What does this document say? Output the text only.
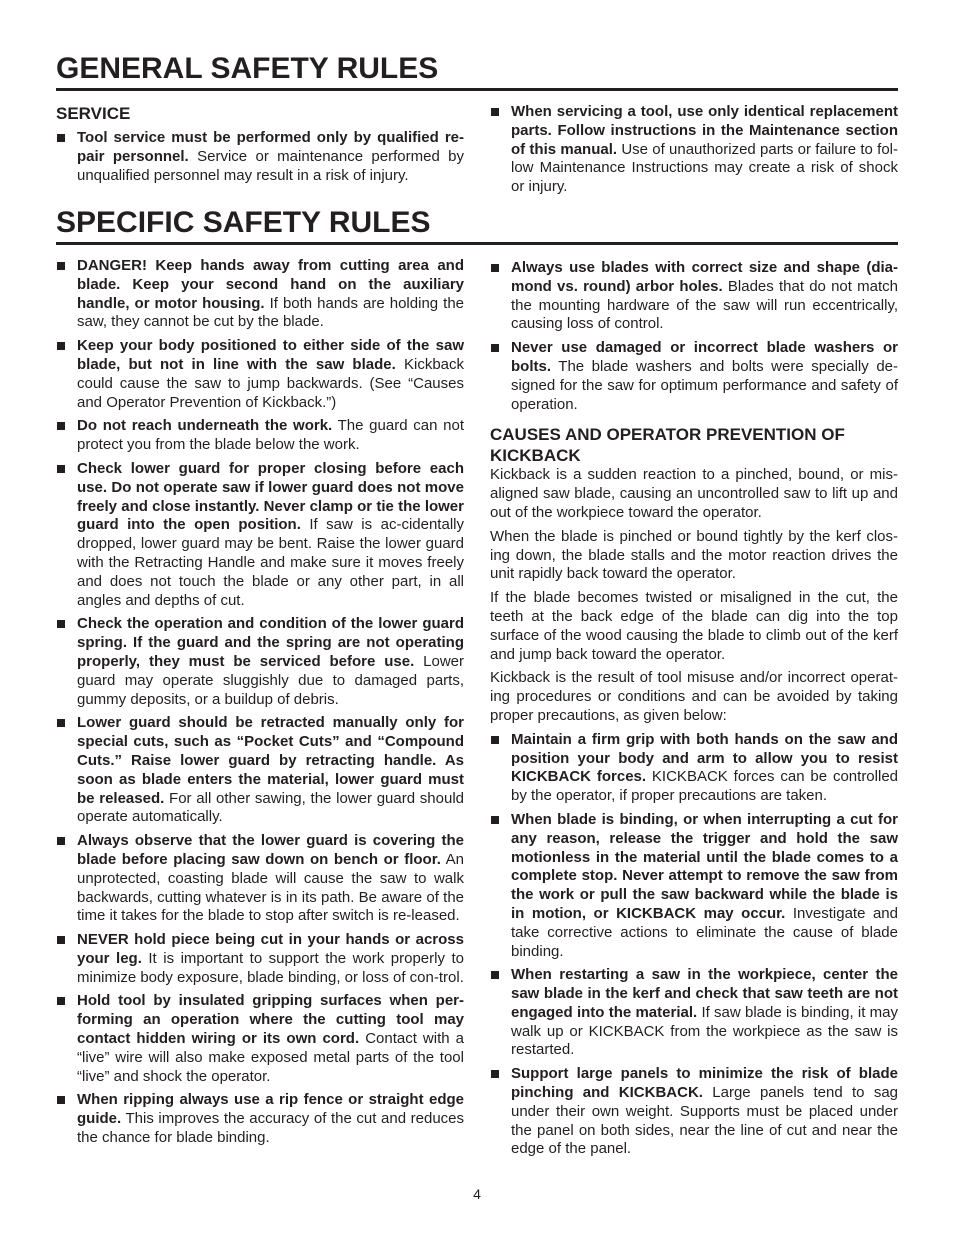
GENERAL SAFETY RULES
SERVICE
Tool service must be performed only by qualified re-pair personnel. Service or maintenance performed by unqualified personnel may result in a risk of injury.
When servicing a tool, use only identical replacement parts. Follow instructions in the Maintenance section of this manual. Use of unauthorized parts or failure to fol-low Maintenance Instructions may create a risk of shock or injury.
SPECIFIC SAFETY RULES
DANGER! Keep hands away from cutting area and blade. Keep your second hand on the auxiliary handle, or motor housing. If both hands are holding the saw, they cannot be cut by the blade.
Keep your body positioned to either side of the saw blade, but not in line with the saw blade. Kickback could cause the saw to jump backwards. (See “Causes and Operator Prevention of Kickback.”)
Do not reach underneath the work. The guard can not protect you from the blade below the work.
Check lower guard for proper closing before each use. Do not operate saw if lower guard does not move freely and close instantly. Never clamp or tie the lower guard into the open position. If saw is ac-cidentally dropped, lower guard may be bent. Raise the lower guard with the Retracting Handle and make sure it moves freely and does not touch the blade or any other part, in all angles and depths of cut.
Check the operation and condition of the lower guard spring. If the guard and the spring are not operating properly, they must be serviced before use. Lower guard may operate sluggishly due to damaged parts, gummy deposits, or a buildup of debris.
Lower guard should be retracted manually only for special cuts, such as “Pocket Cuts” and “Compound Cuts.” Raise lower guard by retracting handle. As soon as blade enters the material, lower guard must be released. For all other sawing, the lower guard should operate automatically.
Always observe that the lower guard is covering the blade before placing saw down on bench or floor. An unprotected, coasting blade will cause the saw to walk backwards, cutting whatever is in its path. Be aware of the time it takes for the blade to stop after switch is re-leased.
NEVER hold piece being cut in your hands or across your leg. It is important to support the work properly to minimize body exposure, blade binding, or loss of con-trol.
Hold tool by insulated gripping surfaces when per-forming an operation where the cutting tool may contact hidden wiring or its own cord. Contact with a “live” wire will also make exposed metal parts of the tool “live” and shock the operator.
When ripping always use a rip fence or straight edge guide. This improves the accuracy of the cut and reduces the chance for blade binding.
Always use blades with correct size and shape (dia-mond vs. round) arbor holes. Blades that do not match the mounting hardware of the saw will run eccentrically, causing loss of control.
Never use damaged or incorrect blade washers or bolts. The blade washers and bolts were specially de-signed for the saw for optimum performance and safety of operation.
CAUSES AND OPERATOR PREVENTION OF KICKBACK
Kickback is a sudden reaction to a pinched, bound, or mis-aligned saw blade, causing an uncontrolled saw to lift up and out of the workpiece toward the operator.
When the blade is pinched or bound tightly by the kerf clos-ing down, the blade stalls and the motor reaction drives the unit rapidly back toward the operator.
If the blade becomes twisted or misaligned in the cut, the teeth at the back edge of the blade can dig into the top surface of the wood causing the blade to climb out of the kerf and jump back toward the operator.
Kickback is the result of tool misuse and/or incorrect operat-ing procedures or conditions and can be avoided by taking proper precautions, as given below:
Maintain a firm grip with both hands on the saw and position your body and arm to allow you to resist KICKBACK forces. KICKBACK forces can be controlled by the operator, if proper precautions are taken.
When blade is binding, or when interrupting a cut for any reason, release the trigger and hold the saw motionless in the material until the blade comes to a complete stop. Never attempt to remove the saw from the work or pull the saw backward while the blade is in motion, or KICKBACK may occur. Investigate and take corrective actions to eliminate the cause of blade binding.
When restarting a saw in the workpiece, center the saw blade in the kerf and check that saw teeth are not engaged into the material. If saw blade is binding, it may walk up or KICKBACK from the workpiece as the saw is restarted.
Support large panels to minimize the risk of blade pinching and KICKBACK. Large panels tend to sag under their own weight. Supports must be placed under the panel on both sides, near the line of cut and near the edge of the panel.
4
